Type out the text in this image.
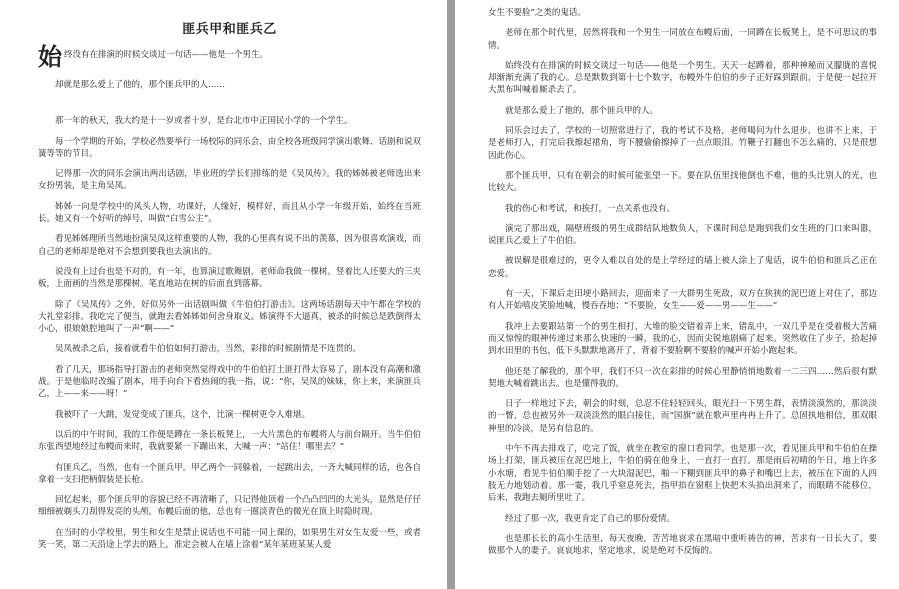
匪兵甲和匪兵乙
始 终没有在排演的时候交谈过一句话——他是一个男生。

却就是那么爱上了他的，那个匪兵甲的人……

那一年的秋天，我大约是十一岁或者十岁，是台北市中正国民小学的一个学生。

每一个学期的开始，学校必然要举行一场校际的同乐会，由全校各班级同学演出歌舞、话剧和说双簧等等的节目。

记得那一次的同乐会演出两出话剧，毕业班的学长们排练的是《吴凤传》。我的姊姊被老师选出来女扮男装，是主角吴凤。

姊姊一向是学校中的风头人物，功课好，人缘好，模样好，而且从小学一年级开始，始终在当班长。她又有一个好听的绰号，叫做“白雪公主”。

看见姊姊理所当然地扮演吴凤这样重要的人物，我的心里真有说不出的羡慕，因为很喜欢演戏，而自己的老师却是绝对不会想到要我也去演出的。

说没有上过台也是不对的，有一年，也算演过歌舞剧，老师命我做一棵树。竖着比人还要大的三夹板，上面画的当然是那棵树。笔直地站在树的后面直到落幕。

除了《吴凤传》之外，好似另外一出话剧叫做《牛伯伯打游击》。这两场话剧每天中午都在学校的大礼堂彩排。我吃完了便当，就跑去看姊姊如何舍身取义。姊演得不大逼真，被杀的时候总是跌倒得太小心，很娘娘腔地叫了一声“啊——”

吴凤被杀之后，接着就看牛伯伯如何打游击，当然，彩排的时候剧情是不连贯的。

看了几天，那场指导打游击的老师突然觉得戏中的牛伯伯打土匪打得太容易了，剧本没有高潮和激战。于是他临时改编了剧本，用手向台下看热闹的我一指，说：“你，吴凤的妹妹，你上来，来演匪兵乙，上——来——呀！”

我被吓了一大跳，发觉变成了匪兵，这个，比演一棵树更令人难堪。

以后的中午时间，我的工作便是蹲在一条长板凳上，一大片黑色的布幔将人与前台隔开。当牛伯伯东张西望地经过布幔而来时，我就要紧一下蹦出来，大喊一声：“站住！哪里去？”

有匪兵乙，当然，也有一个匪兵甲。甲乙两个一同躲着，一起跳出去，一齐大喊同样的话，也各自拿着一支扫把柄假装是长枪。

回忆起来，那个匪兵甲的容貌已经不再清晰了，只记得他顶着一个凸凸凹凹的大光头，显然是仔仔细细被剃头刀刮得发亮的头颅。布幔后面的他，总也有一圈淡青色的微光在顶上时隐时现。

在当时的小学校里，男生和女生是禁止说话也不可能一同上课的，如果男生对女生友爱一些，或者笑一笑，第二天沿途上学去的路上，准定会被人在墙上涂着“某年某班某某人爱

女生不要脸”之类的鬼话。

老师在那个时代里，居然将我和一个男生一同放在布幔后面，一同蹲在长板凳上，是不可思议的事情。

始终没有在排演的时候交谈过一句话——他是一个男生。天天一起蹲着，那种神秘而又朦胧的喜悦却渐渐充满了我的心。总是默数到第十七个数字，布幔外牛伯伯的步子正好踩到跟前，于是便一起拉开大黑布叫喊着厮杀去了。

就是那么爱上了他的，那个匪兵甲的人。

同乐会过去了，学校的一切照常进行了，我的考试不及格，老师喝问为什么退步，也讲不上来，于是老师打人，打完后我擦起裙角，弯下腰偷偷擦掉了一点点眼泪。竹鞭子打翻也不怎么痛的，只是很想因此伤心。

那个匪兵甲，只有在朝会的时候可能张望一下。要在队伍里找他倒也不难，他的头比别人的光，也比较大。

我的伤心和考试，和挨打，一点关系也没有。

演完了那出戏，隔壁班级的男生成群结队地数负人，下课时间总是跑到我们女生班的门口来叫嚣，说匪兵乙爱上了牛伯伯。

被误解是很难过的，更令人难以自处的是上学经过的墙上被人涂上了鬼话，说牛伯伯和匪兵乙正在恋爱。

有一天，下课后走田埂小路回去，迎面来了一大群男生死敌，双方在狭狭的泥巴道上对住了，那边有人开始嘻皮笑脸地喊，慢吞吞地：“不要脸，女生——爱——男——生——”

我冲上去要跟站第一个的男生相打，大堆的脸交错着弄上来，错乱中，一双几乎是在受着极大苦痛而又惊惶的眼神传递过来那么快速的一瞬，我的心，因而尖锐地剧痛了起来。突然收住了步子，拾起掉到水田里的书包，低下头默默地离开了，背着不要脸啊不要脸的喊声开始小跑起来。

他还是了解我的，那个甲，我们不只一次在彩排的时候心里静悄悄地数着一二三四……然后很有默契地大喊着跳出去。也是懂得我的。

日子一样地过下去，朝会的时刻，总忍不住轻轻回头，眼光扫一下男生群，表情淡漠然的，那淡淡的一瞥，总也被另外一双淡淡然的眼白接住，而“国旗”就在歌声里冉冉上升了。总固执地相信，那双眼神里的冷淡，是另有信息的。

中午不再去排戏了，吃完了饭，就坐在教室的窗口看同学。也是那一次，看见匪兵甲和牛伯伯在操场上打架，匪兵被压在泥巴地上，牛伯伯骑在他身上，一直打一直打。那是雨后初晴的午日，地上许多小水塘，看见牛伯伯顺手挖了一大块湿泥巴，啪一下糊到匪兵甲的鼻子和嘴巴上去，被压在下面的人四肢无力地划动着。那一霎，我几乎窒息死去，指甲掐在窗框上快把木头掐出洞来了，而眼睛不能移位，后来，我跑去厕所里吐了。

经过了那一次，我更肯定了自己的那份爱情。

也是那长长的高小生活里，每天夜晚，苦苦地哀求在黑暗中重听祷告的神，苦求有一日长大了，要做那个人的妻子。哀哀地求，坚定地求，说是绝对不反悔的。
